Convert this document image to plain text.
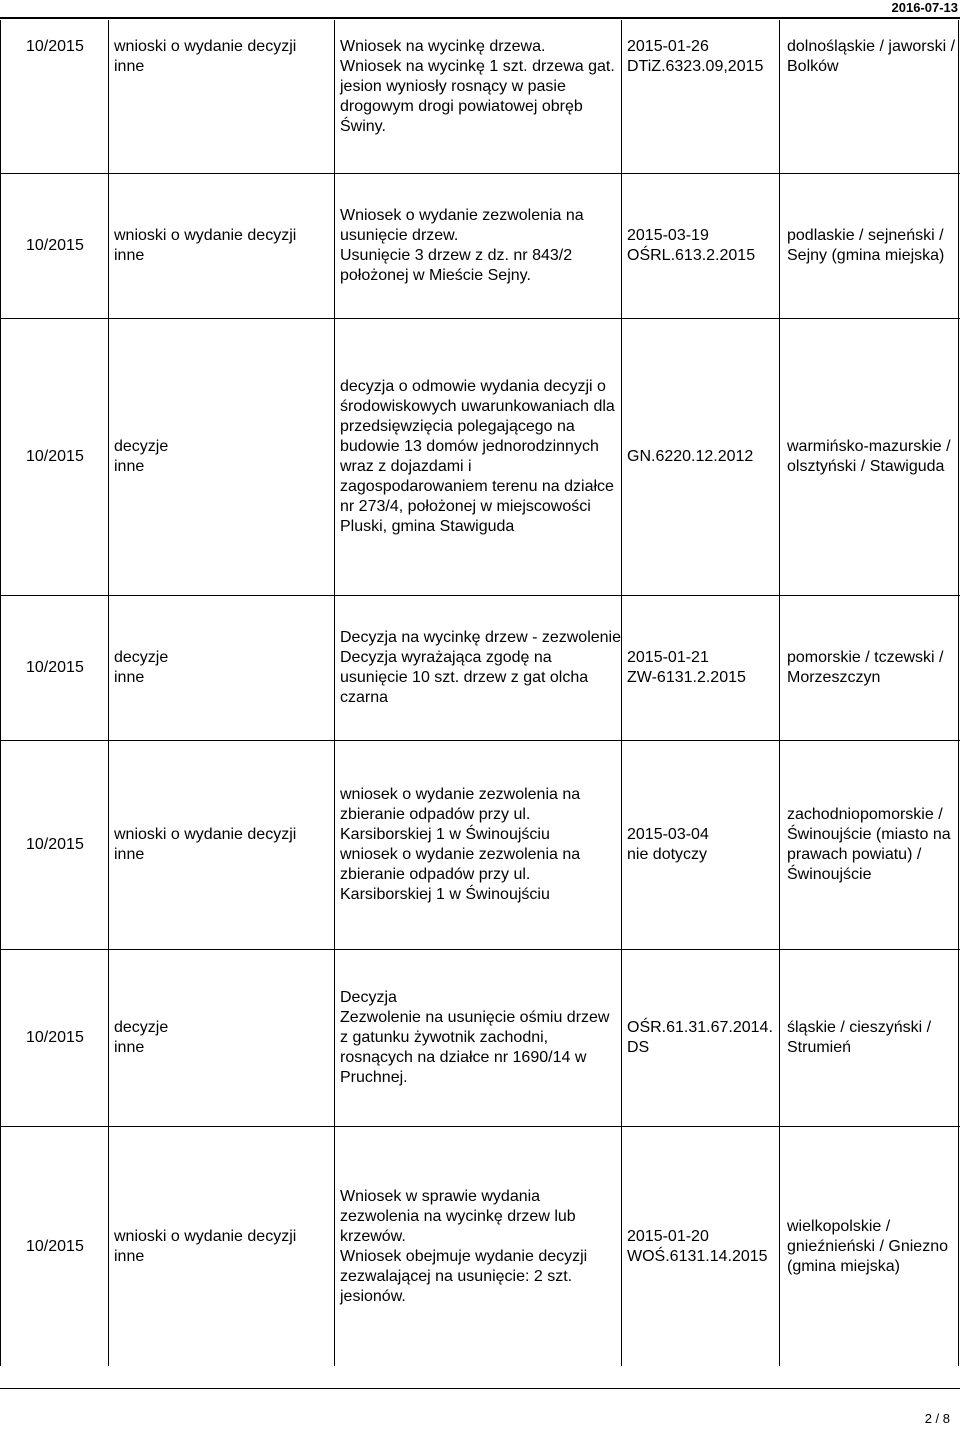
2016-07-13
10/2015	wnioski o wydanie decyzji
inne
Wniosek na wycinkę drzewa.
Wniosek na wycinkę 1 szt. drzewa gat.
jesion wyniosły rosnący w pasie
drogowym drogi powiatowej obręb
Świny.
2015-01-26
DTiZ.6323.09,2015
dolnośląskie / jaworski /
Bolków
10/2015
wnioski o wydanie decyzji
inne
Wniosek o wydanie zezwolenia na
usunięcie drzew.
Usunięcie 3 drzew z dz. nr 843/2
położonej w Mieście Sejny.
2015-03-19
OŚRL.613.2.2015
podlaskie / sejneński /
Sejny (gmina miejska)
10/2015
decyzje
inne
decyzja o odmowie wydania decyzji o
środowiskowych uwarunkowaniach dla
przedsięwzięcia polegającego na
budowie 13 domów jednorodzinnych
wraz z dojazdami i
zagospodarowaniem terenu na działce
nr 273/4, położonej w miejscowości
Pluski, gmina Stawiguda
GN.6220.12.2012
warmińsko-mazurskie /
olsztyński / Stawiguda
10/2015
decyzje
inne
Decyzja na wycinkę drzew - zezwolenie
Decyzja wyrażająca zgodę na
usunięcie 10 szt. drzew z gat olcha
czarna
2015-01-21
ZW-6131.2.2015
pomorskie / tczewski /
Morzeszczyn
10/2015
wnioski o wydanie decyzji
inne
wniosek o wydanie zezwolenia na
zbieranie odpadów przy ul.
Karsiborskiej 1 w Świnoujściu
wniosek o wydanie zezwolenia na
zbieranie odpadów przy ul.
Karsiborskiej 1 w Świnoujściu
2015-03-04
nie dotyczy
zachodniopomorskie /
Świnoujście (miasto na
prawach powiatu) /
Świnoujście
10/2015
decyzje
inne
Decyzja
Zezwolenie na usunięcie ośmiu drzew
z gatunku żywotnik zachodni,
rosnących na działce nr 1690/14 w
Pruchnej.
OŚR.61.31.67.2014.
DS
śląskie / cieszyński /
Strumień
10/2015
wnioski o wydanie decyzji
inne
Wniosek w sprawie wydania
zezwolenia na wycinkę drzew lub
krzewów.
Wniosek obejmuje wydanie decyzji
zezwalającej na usunięcie: 2 szt.
jesionów.
2015-01-20
WOŚ.6131.14.2015
wielkopolskie /
gnieźnieński / Gniezno
(gmina miejska)
2 / 8
